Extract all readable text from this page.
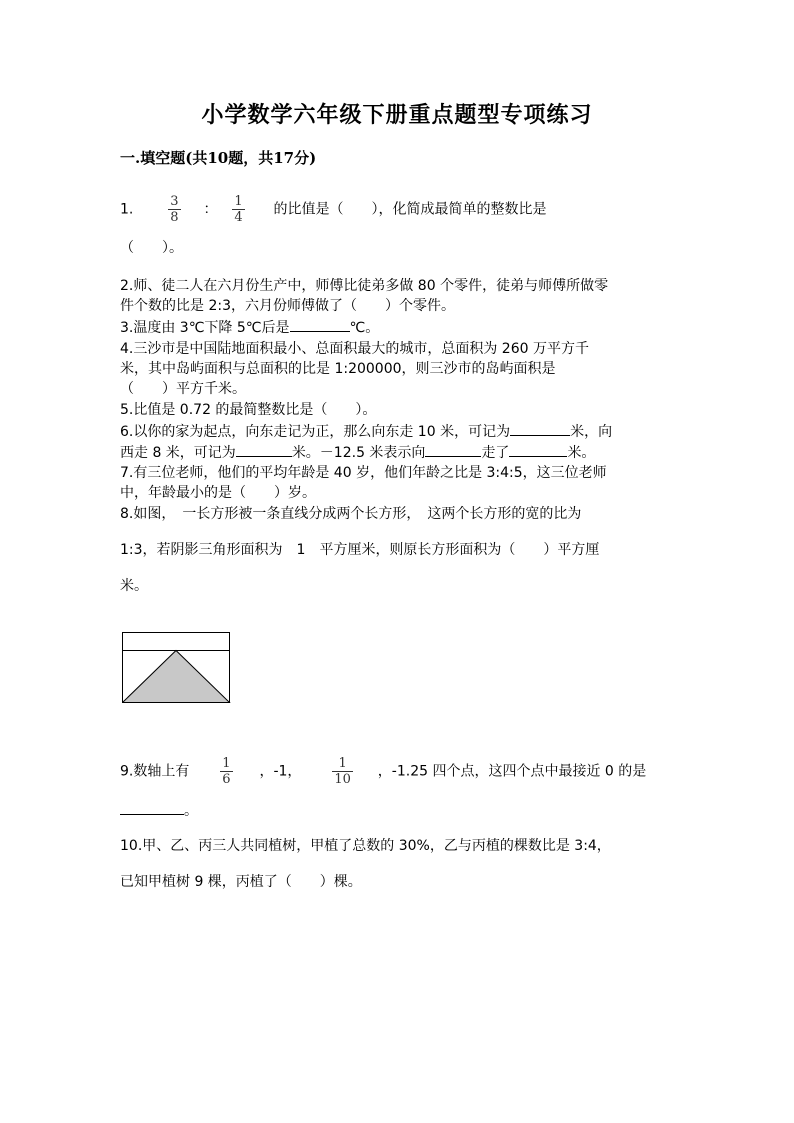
小学数学六年级下册重点题型专项练习
一.填空题(共10题，共17分)
1.	$\frac{3}{8}$ ： $\frac{1}{4}$ 的比值是（　　），化简成最简单的整数比是
（　　）。
2.师、徒二人在六月份生产中，师傅比徒弟多做 80 个零件，徒弟与师傅所做零
件个数的比是 2:3，六月份师傅做了（　　）个零件。
3.温度由 3℃下降 5℃后是	℃。
4.三沙市是中国陆地面积最小、总面积最大的城市，总面积为 260 万平方千
米，其中岛屿面积与总面积的比是 1:200000，则三沙市的岛屿面积是
（　　）平方千米。
5.比值是 0.72 的最简整数比是（　　）。
6.以你的家为起点，向东走记为正，那么向东走 10 米，可记为	米，向
西走 8 米，可记为	米。－12.5 米表示向	走了	米。
7.有三位老师，他们的平均年龄是 40 岁，他们年龄之比是 3:4:5，这三位老师
中，年龄最小的是（　　）岁。
8.如图，　一长方形被一条直线分成两个长方形，　这两个长方形的宽的比为
1:3，若阴影三角形面积为　1　平方厘米，则原长方形面积为（　　）平方厘
米。
9.数轴上有 $\frac{1}{6}$ ，-1， $\frac{1}{10}$ ，-1.25 四个点，这四个点中最接近 0 的是
。
10.甲、乙、丙三人共同植树，甲植了总数的 30%，乙与丙植的棵数比是 3:4，
已知甲植树 9 棵，丙植了（　　）棵。
